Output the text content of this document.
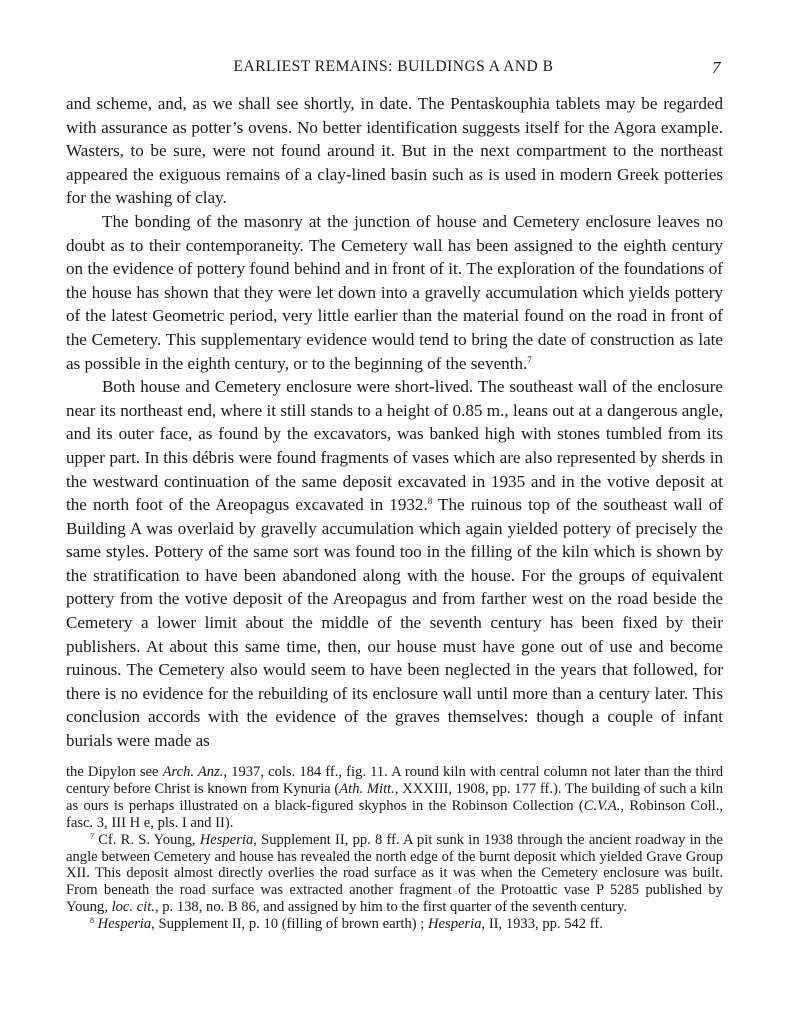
EARLIEST REMAINS: BUILDINGS A AND B	7

and scheme, and, as we shall see shortly, in date. The Pentaskouphia tablets may be regarded with assurance as potter’s ovens. No better identification suggests itself for the Agora example. Wasters, to be sure, were not found around it. But in the next compartment to the northeast appeared the exiguous remains of a clay-lined basin such as is used in modern Greek potteries for the washing of clay.

The bonding of the masonry at the junction of house and Cemetery enclosure leaves no doubt as to their contemporaneity. The Cemetery wall has been assigned to the eighth century on the evidence of pottery found behind and in front of it. The exploration of the foundations of the house has shown that they were let down into a gravelly accumulation which yields pottery of the latest Geometric period, very little earlier than the material found on the road in front of the Cemetery. This supplementary evidence would tend to bring the date of construction as late as possible in the eighth century, or to the beginning of the seventh.$^7$

Both house and Cemetery enclosure were short-lived. The southeast wall of the enclosure near its northeast end, where it still stands to a height of 0.85 m., leans out at a dangerous angle, and its outer face, as found by the excavators, was banked high with stones tumbled from its upper part. In this débris were found fragments of vases which are also represented by sherds in the westward continuation of the same deposit excavated in 1935 and in the votive deposit at the north foot of the Areopagus excavated in 1932.$^8$ The ruinous top of the southeast wall of Building A was overlaid by gravelly accumulation which again yielded pottery of precisely the same styles. Pottery of the same sort was found too in the filling of the kiln which is shown by the stratification to have been abandoned along with the house. For the groups of equivalent pottery from the votive deposit of the Areopagus and from farther west on the road beside the Cemetery a lower limit about the middle of the seventh century has been fixed by their publishers. At about this same time, then, our house must have gone out of use and become ruinous. The Cemetery also would seem to have been neglected in the years that followed, for there is no evidence for the rebuilding of its enclosure wall until more than a century later. This conclusion accords with the evidence of the graves themselves: though a couple of infant burials were made as

the Dipylon see Arch. Anz., 1937, cols. 184 ff., fig. 11. A round kiln with central column not later than the third century before Christ is known from Kynuria (Ath. Mitt., XXXIII, 1908, pp. 177 ff.). The building of such a kiln as ours is perhaps illustrated on a black-figured skyphos in the Robinson Collection (C.V.A., Robinson Coll., fasc. 3, III H e, pls. I and II).

$^7$ Cf. R. S. Young, Hesperia, Supplement II, pp. 8 ff. A pit sunk in 1938 through the ancient roadway in the angle between Cemetery and house has revealed the north edge of the burnt deposit which yielded Grave Group XII. This deposit almost directly overlies the road surface as it was when the Cemetery enclosure was built. From beneath the road surface was extracted another fragment of the Protoattic vase P 5285 published by Young, loc. cit., p. 138, no. B 86, and assigned by him to the first quarter of the seventh century.

$^8$ Hesperia, Supplement II, p. 10 (filling of brown earth) ; Hesperia, II, 1933, pp. 542 ff.
